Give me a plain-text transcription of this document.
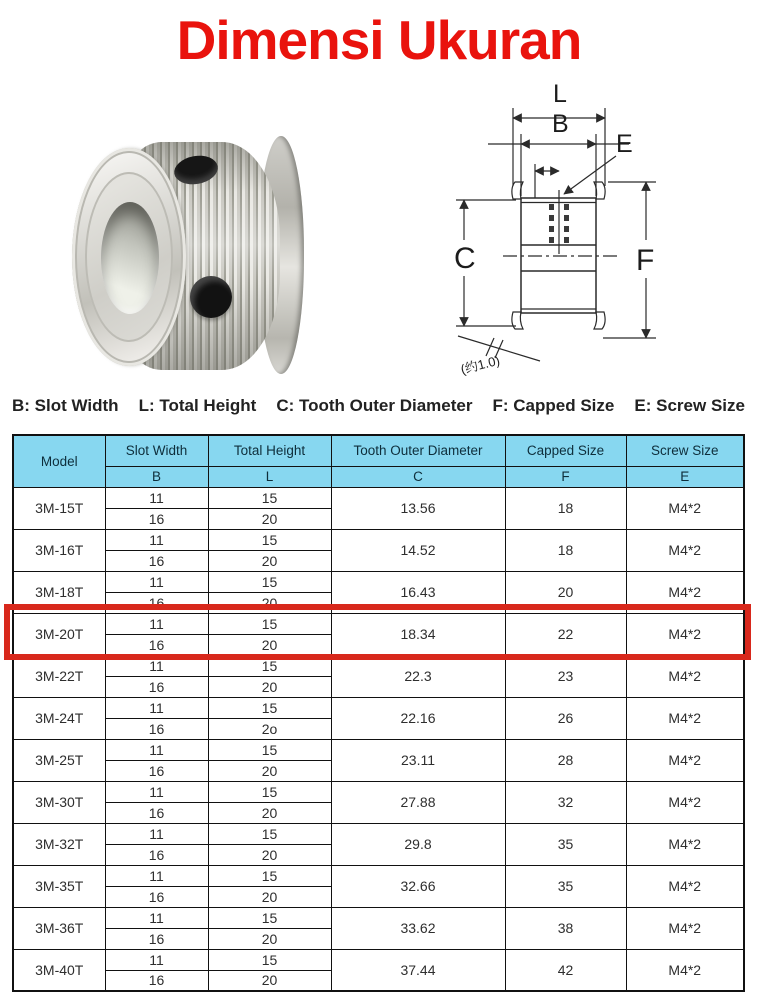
Dimensi Ukuran
L
B
E
C	F
(约1.0)
B: Slot Width L: Total Height C: Tooth Outer Diameter F: Capped Size E: Screw Size
Model	Slot Width	Total Height	Tooth Outer Diameter	Capped Size	Screw Size
	B	L	C	F	E
3M-15T	11	15	13.56	18	M4*2
	16	20			
3M-16T	11	15	14.52	18	M4*2
	16	20			
3M-18T	11	15	16.43	20	M4*2
	16	20			
3M-20T	11	15	18.34	22	M4*2
	16	20			
3M-22T	11	15	22.3	23	M4*2
	16	20			
3M-24T	11	15	22.16	26	M4*2
	16	2o			
3M-25T	11	15	23.11	28	M4*2
	16	20			
3M-30T	11	15	27.88	32	M4*2
	16	20			
3M-32T	11	15	29.8	35	M4*2
	16	20			
3M-35T	11	15	32.66	35	M4*2
	16	20			
3M-36T	11	15	33.62	38	M4*2
	16	20			
3M-40T	11	15	37.44	42	M4*2
	16	20			
